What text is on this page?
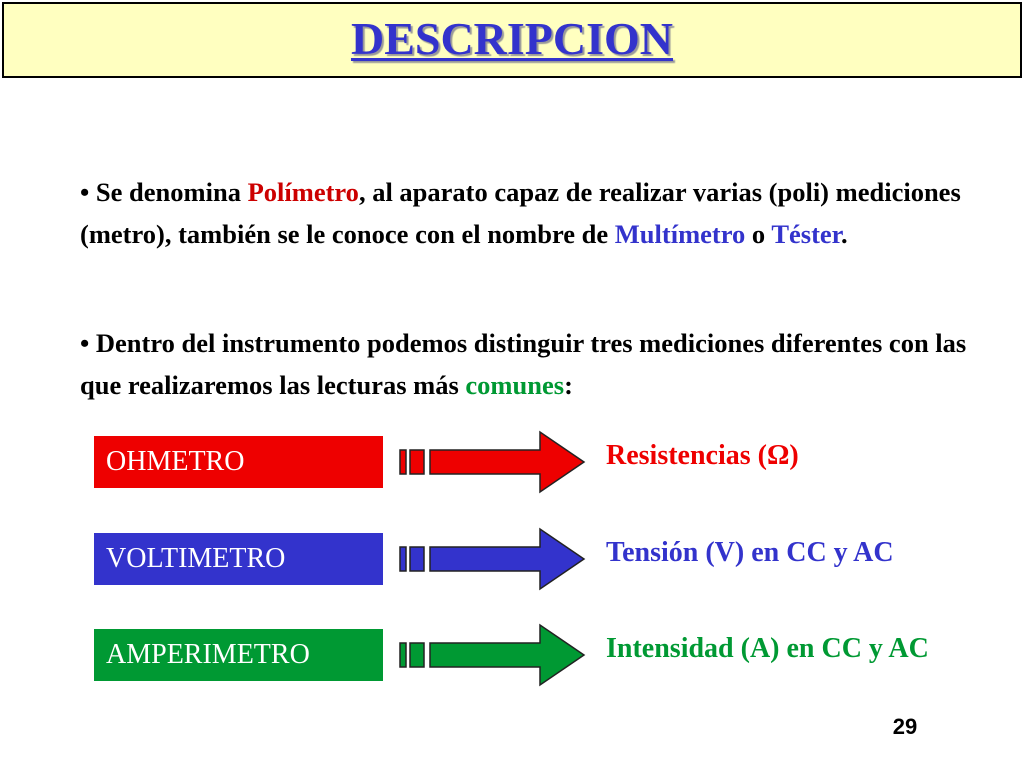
DESCRIPCION
• Se denomina Polímetro, al aparato capaz de realizar varias (poli) mediciones (metro), también se le conoce con el nombre de Multímetro o Téster.
• Dentro del instrumento podemos distinguir tres mediciones diferentes con las que realizaremos las lecturas más comunes:
OHMETRO	Resistencias (Ω)
VOLTIMETRO	Tensión (V) en CC y AC
AMPERIMETRO	Intensidad (A) en CC y AC
29
